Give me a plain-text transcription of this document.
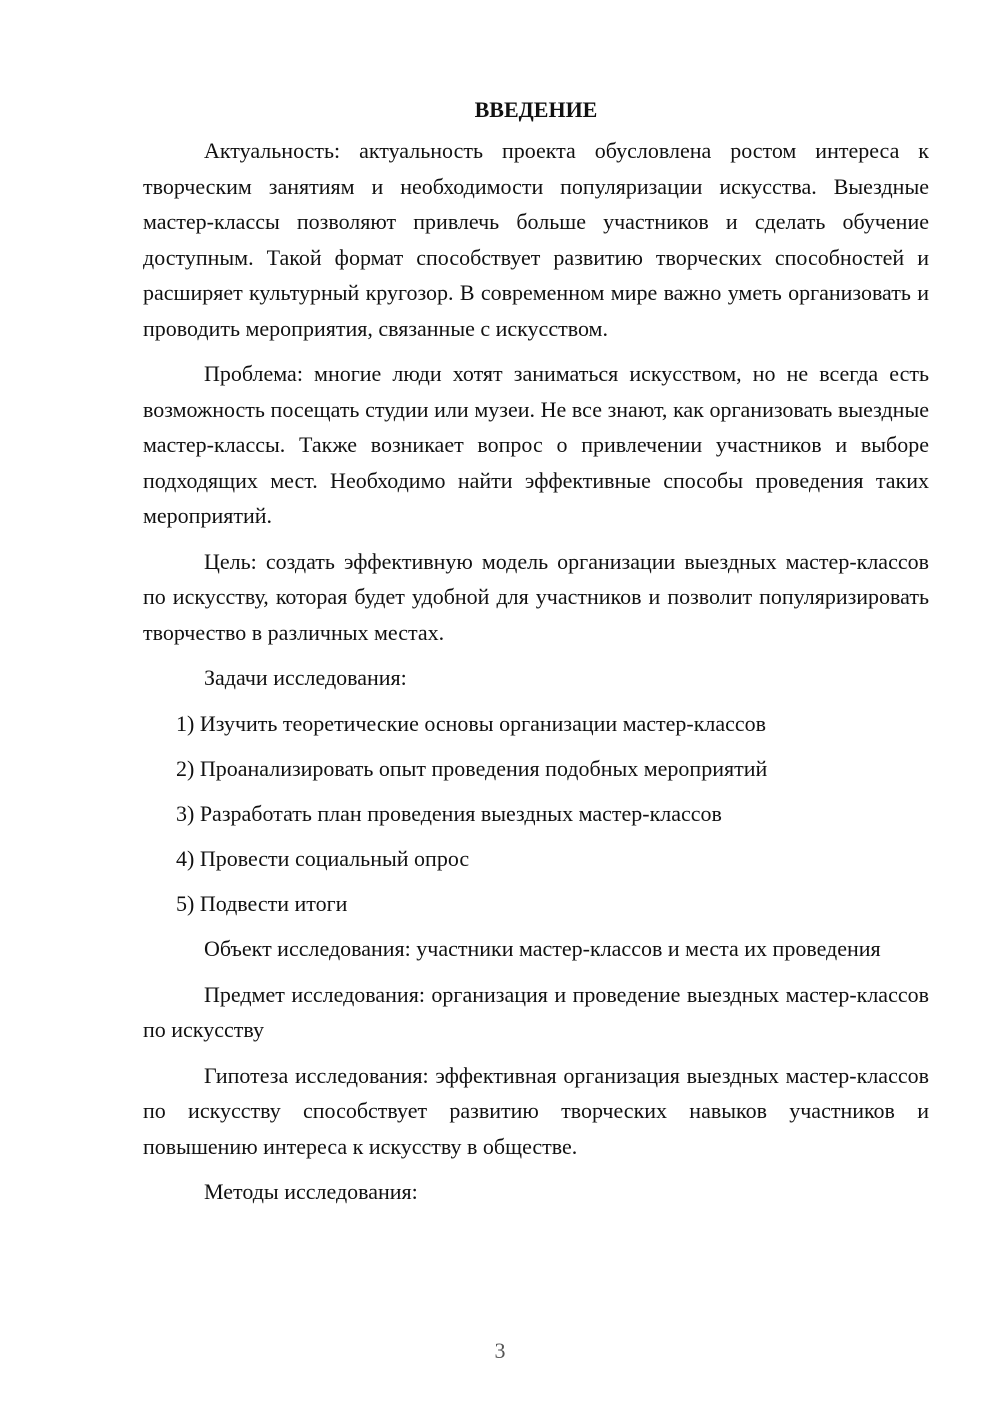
ВВЕДЕНИЕ

Актуальность: актуальность проекта обусловлена ростом интереса к творческим занятиям и необходимости популяризации искусства. Выездные мастер-классы позволяют привлечь больше участников и сделать обучение доступным. Такой формат способствует развитию творческих способностей и расширяет культурный кругозор. В современном мире важно уметь организовать и проводить мероприятия, связанные с искусством.

Проблема: многие люди хотят заниматься искусством, но не всегда есть возможность посещать студии или музеи. Не все знают, как организовать выездные мастер-классы. Также возникает вопрос о привлечении участников и выборе подходящих мест. Необходимо найти эффективные способы проведения таких мероприятий.

Цель: создать эффективную модель организации выездных мастер-классов по искусству, которая будет удобной для участников и позволит популяризировать творчество в различных местах.

Задачи исследования:

1) Изучить теоретические основы организации мастер-классов
2) Проанализировать опыт проведения подобных мероприятий
3) Разработать план проведения выездных мастер-классов
4) Провести социальный опрос
5) Подвести итоги

Объект исследования: участники мастер-классов и места их проведения

Предмет исследования: организация и проведение выездных мастер-классов по искусству

Гипотеза исследования: эффективная организация выездных мастер-классов по искусству способствует развитию творческих навыков участников и повышению интереса к искусству в обществе.

Методы исследования:

3
